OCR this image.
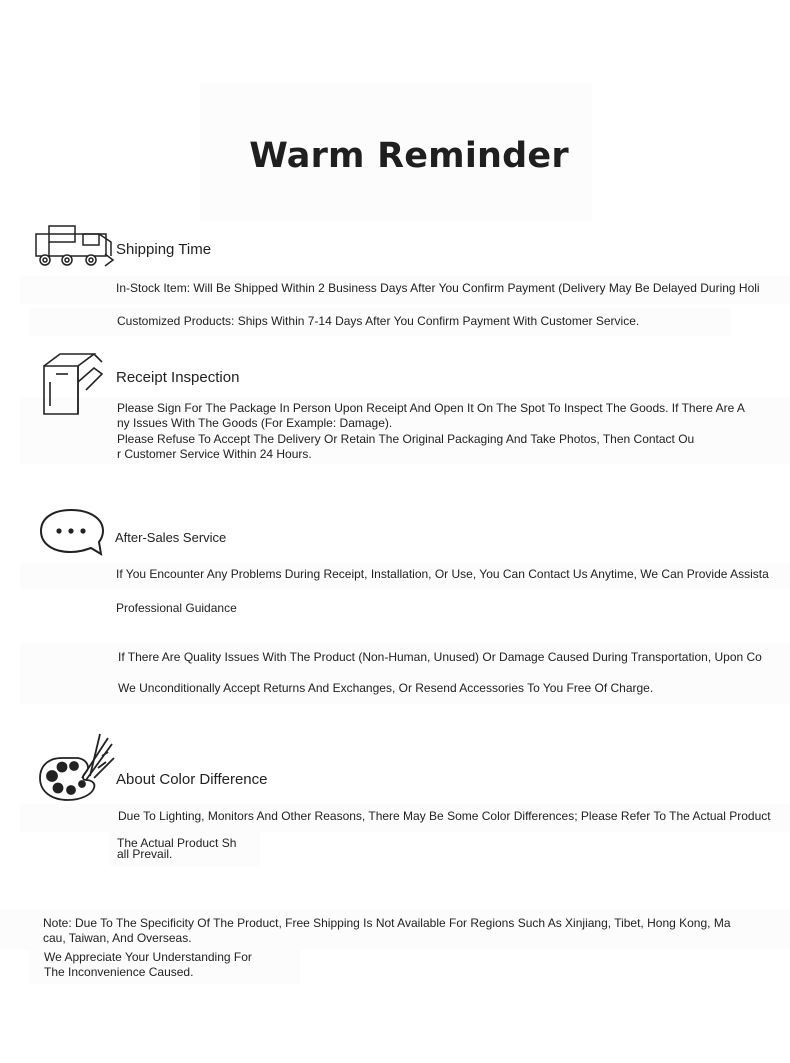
Warm Reminder
Shipping Time
In-Stock Item: Will Be Shipped Within 2 Business Days After You Confirm Payment (Delivery May Be Delayed During Holi
Customized Products: Ships Within 7-14 Days After You Confirm Payment With Customer Service.
Receipt Inspection
Please Sign For The Package In Person Upon Receipt And Open It On The Spot To Inspect The Goods. If There Are A
ny Issues With The Goods (For Example: Damage).
Please Refuse To Accept The Delivery Or Retain The Original Packaging And Take Photos, Then Contact Ou
r Customer Service Within 24 Hours.
After-Sales Service
If You Encounter Any Problems During Receipt, Installation, Or Use, You Can Contact Us Anytime, We Can Provide Assista
Professional Guidance
If There Are Quality Issues With The Product (Non-Human, Unused) Or Damage Caused During Transportation, Upon Co
We Unconditionally Accept Returns And Exchanges, Or Resend Accessories To You Free Of Charge.
About Color Difference
Due To Lighting, Monitors And Other Reasons, There May Be Some Color Differences; Please Refer To The Actual Product
The Actual Product Sh
all Prevail.
Note: Due To The Specificity Of The Product, Free Shipping Is Not Available For Regions Such As Xinjiang, Tibet, Hong Kong, Ma
cau, Taiwan, And Overseas.
We Appreciate Your Understanding For
The Inconvenience Caused.
